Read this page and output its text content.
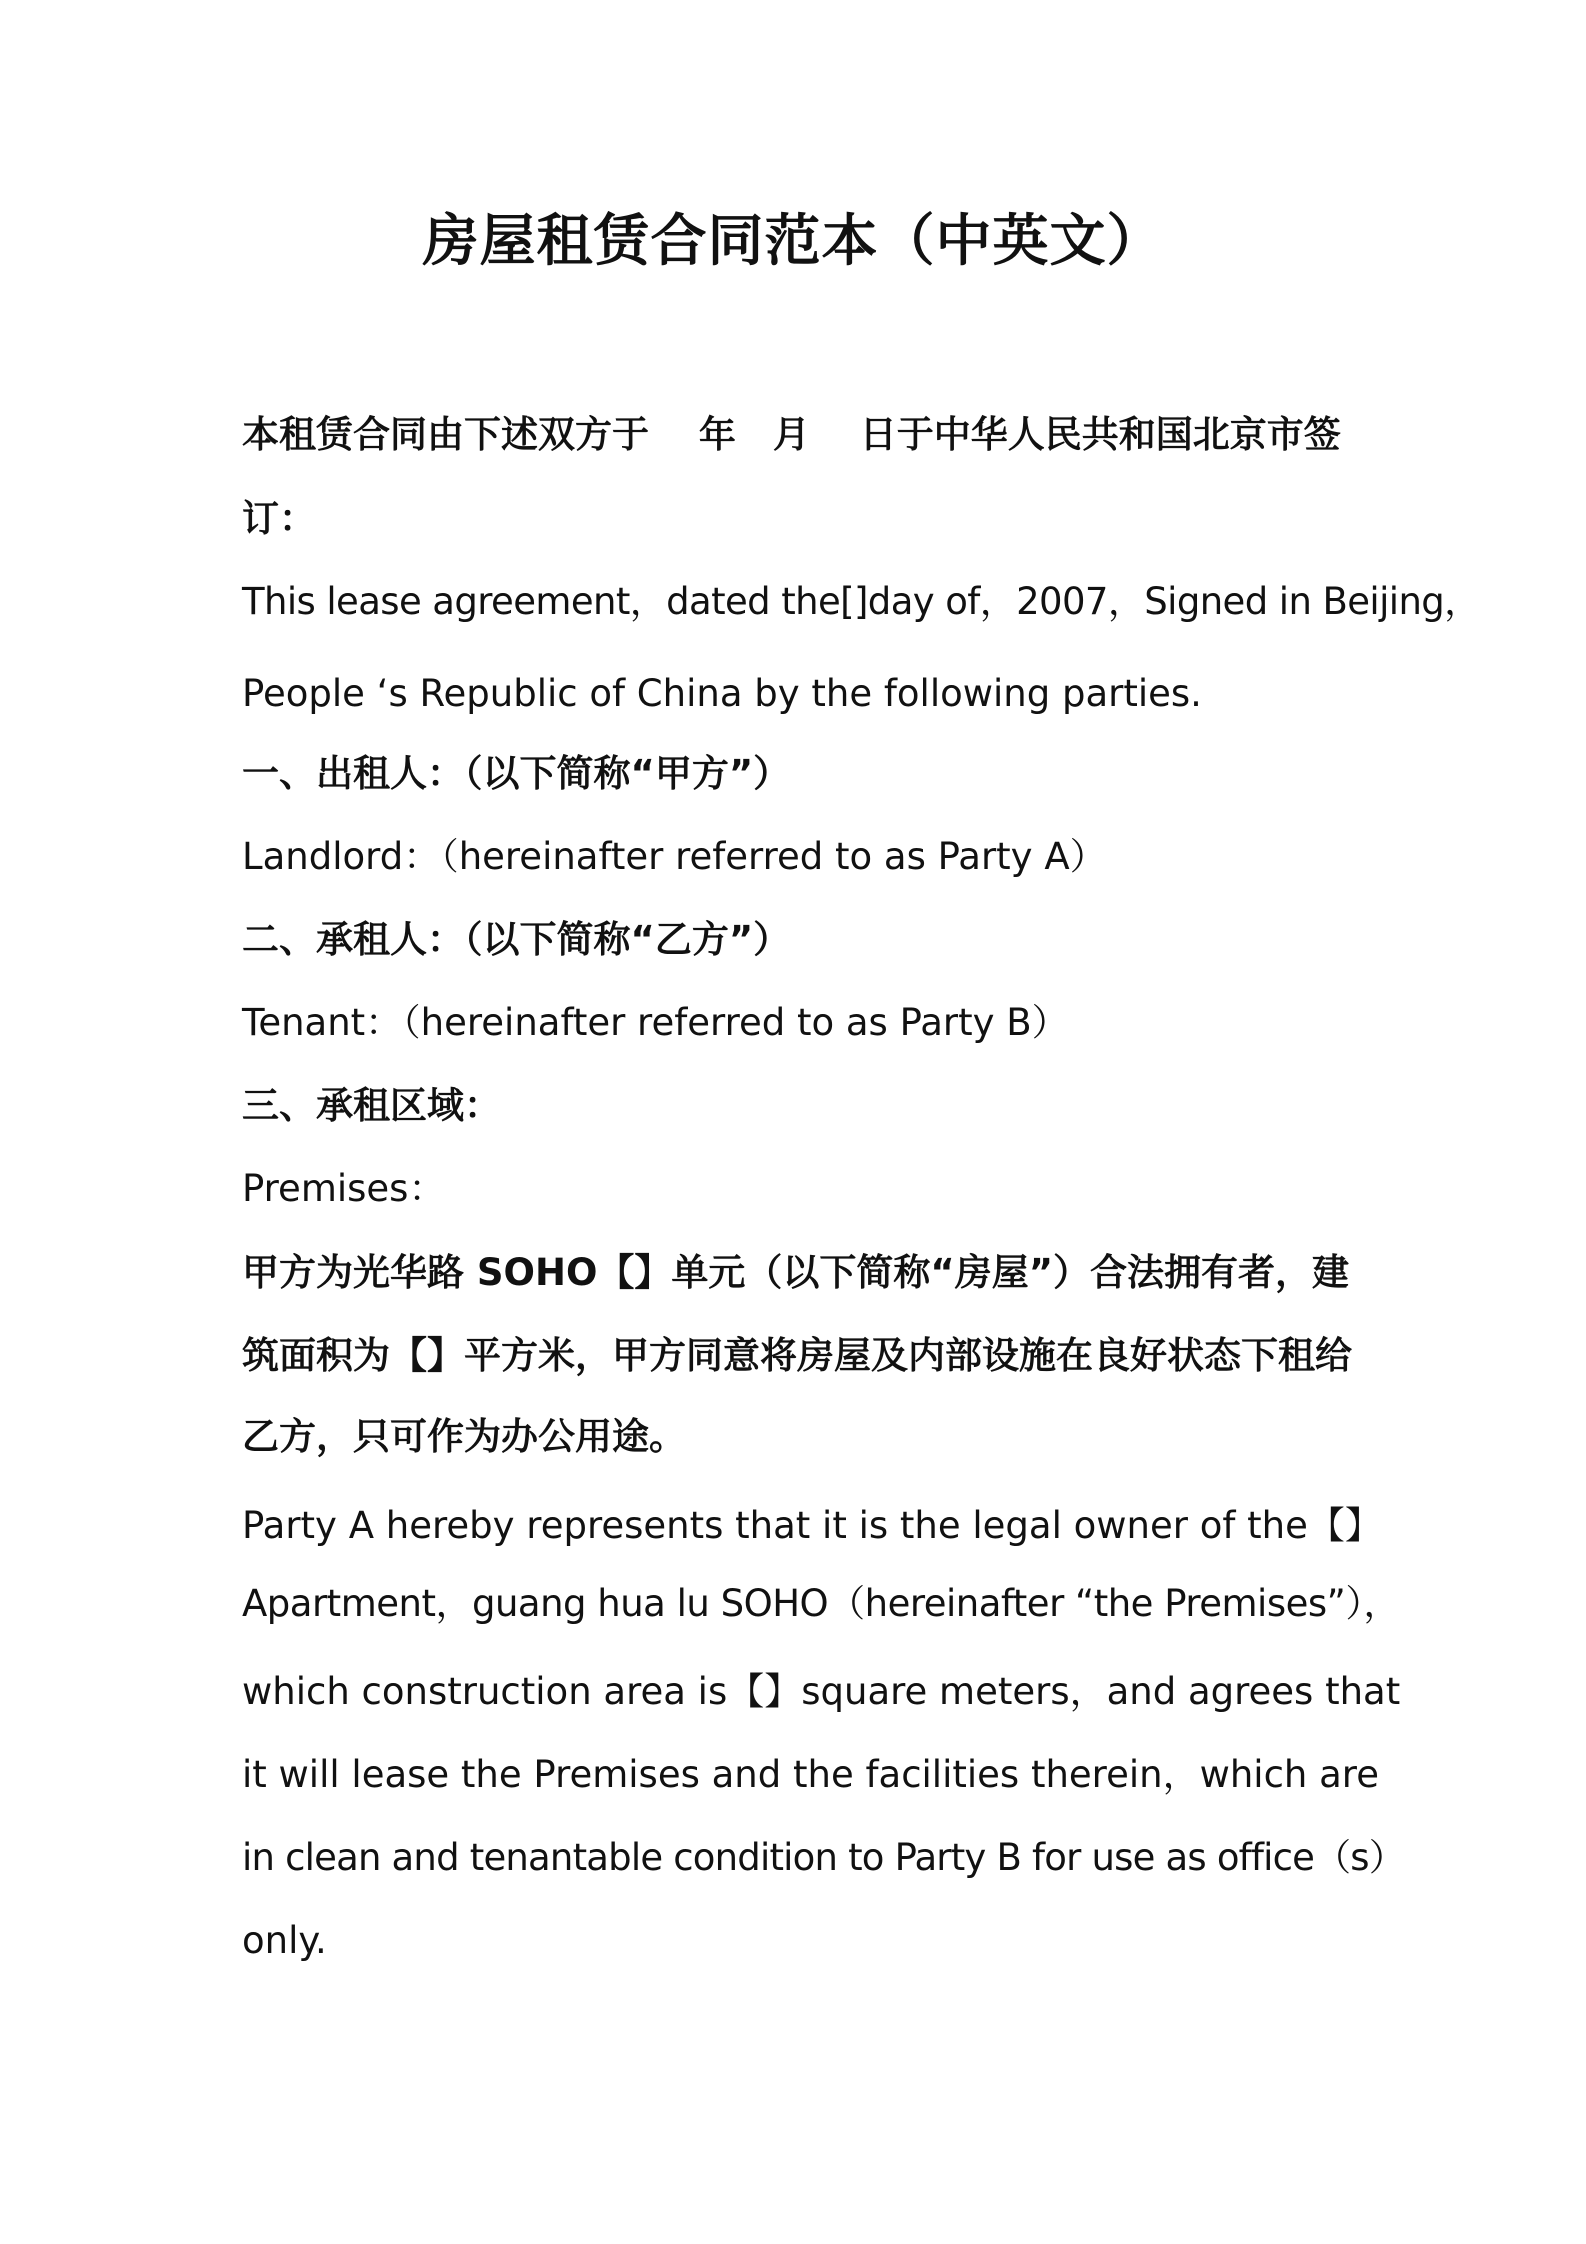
房屋租赁合同范本（中英文）
本租赁合同由下述双方于　 年　月　 日于中华人民共和国北京市签
订：
This lease agreement，dated the[]day of，2007，Signed in Beijing，
People ‘s Republic of China by the following parties.
一、出租人：（以下简称“甲方”）
Landlord：（hereinafter referred to as Party A）
二、承租人：（以下简称“乙方”）
Tenant：（hereinafter referred to as Party B）
三、承租区域：
Premises：
甲方为光华路 SOHO【】单元（以下简称“房屋”）合法拥有者，建
筑面积为【】平方米，甲方同意将房屋及内部设施在良好状态下租给
乙方，只可作为办公用途。
Party A hereby represents that it is the legal owner of the【】
Apartment，guang hua lu SOHO（hereinafter “the Premises”），
which construction area is【】square meters，and agrees that
it will lease the Premises and the facilities therein，which are
in clean and tenantable condition to Party B for use as office（s）
only.
